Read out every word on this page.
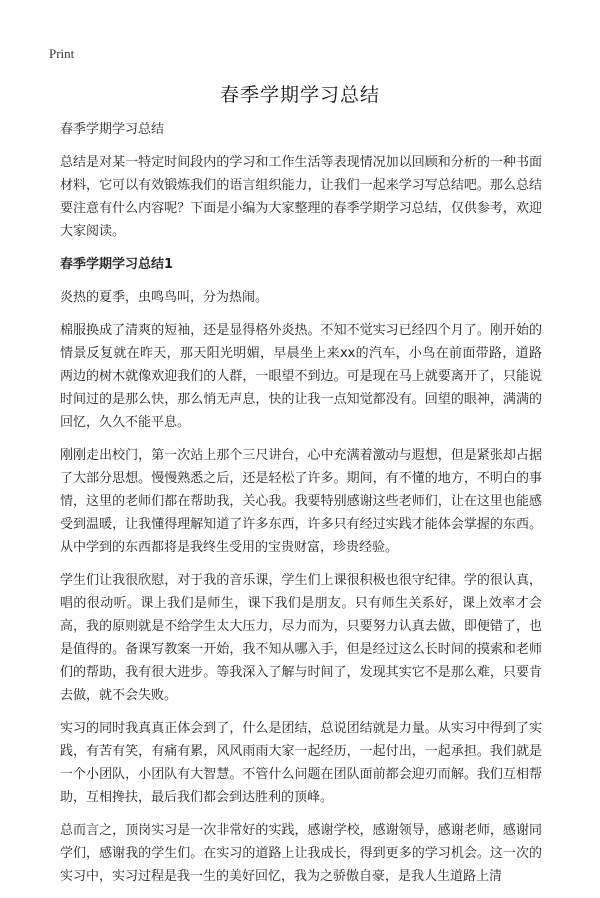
Print
春季学期学习总结

春季学期学习总结

总结是对某一特定时间段内的学习和工作生活等表现情况加以回顾和分析的一种书面材料，它可以有效锻炼我们的语言组织能力，让我们一起来学习写总结吧。那么总结要注意有什么内容呢？下面是小编为大家整理的春季学期学习总结，仅供参考，欢迎大家阅读。

春季学期学习总结1

炎热的夏季，虫鸣鸟叫，分为热闹。

棉服换成了清爽的短袖，还是显得格外炎热。不知不觉实习已经四个月了。刚开始的情景反复就在昨天，那天阳光明媚，早晨坐上来xx的汽车，小鸟在前面带路，道路两边的树木就像欢迎我们的人群，一眼望不到边。可是现在马上就要离开了，只能说时间过的是那么快，那么悄无声息，快的让我一点知觉都没有。回望的眼神，满满的回忆，久久不能平息。

刚刚走出校门，第一次站上那个三尺讲台，心中充满着激动与遐想，但是紧张却占据了大部分思想。慢慢熟悉之后，还是轻松了许多。期间，有不懂的地方，不明白的事情，这里的老师们都在帮助我，关心我。我要特别感谢这些老师们，让在这里也能感受到温暖，让我懂得理解知道了许多东西，许多只有经过实践才能体会掌握的东西。从中学到的东西都将是我终生受用的宝贵财富，珍贵经验。

学生们让我很欣慰，对于我的音乐课，学生们上课很积极也很守纪律。学的很认真，唱的很动听。课上我们是师生，课下我们是朋友。只有师生关系好，课上效率才会高，我的原则就是不给学生太大压力，尽力而为，只要努力认真去做，即便错了，也是值得的。备课写教案一开始，我不知从哪入手，但是经过这么长时间的摸索和老师们的帮助，我有很大进步。等我深入了解与时间了，发现其实它不是那么难，只要肯去做，就不会失败。

实习的同时我真真正体会到了，什么是团结，总说团结就是力量。从实习中得到了实践，有苦有笑，有痛有累，风风雨雨大家一起经历，一起付出，一起承担。我们就是一个小团队，小团队有大智慧。不管什么问题在团队面前都会迎刃而解。我们互相帮助，互相搀扶，最后我们都会到达胜利的顶峰。

总而言之，顶岗实习是一次非常好的实践，感谢学校，感谢领导，感谢老师，感谢同学们，感谢我的学生们。在实习的道路上让我成长，得到更多的学习机会。这一次的实习中，实习过程是我一生的美好回忆，我为之骄傲自豪，是我人生道路上清
